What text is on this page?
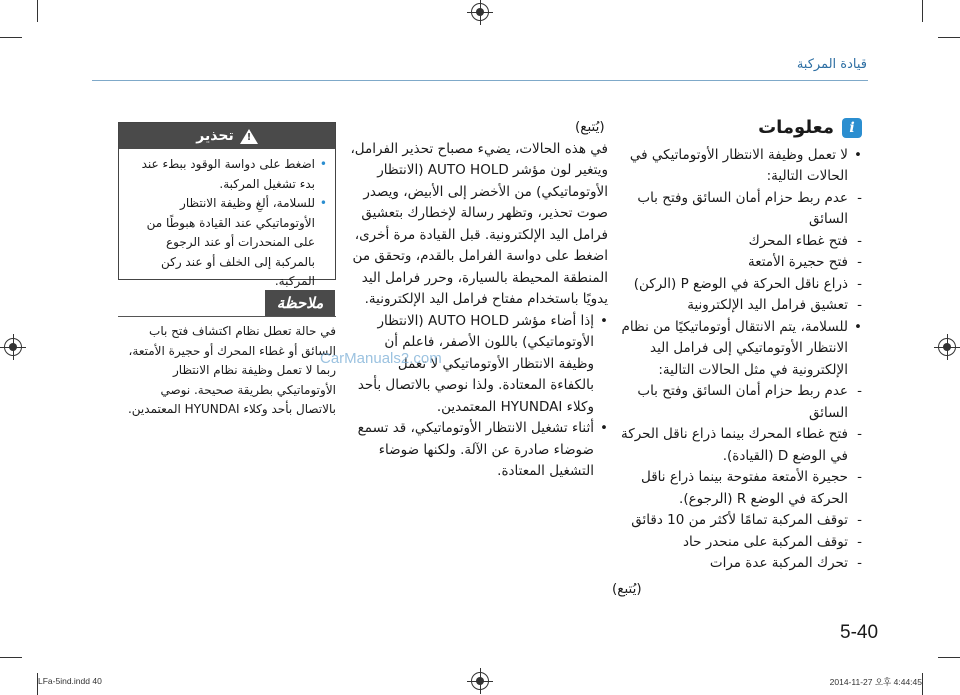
قيادة المركبة
i
معلومات
• لا تعمل وظيفة الانتظار الأوتوماتيكي في الحالات التالية:
- عدم ربط حزام أمان السائق وفتح باب السائق
- فتح غطاء المحرك
- فتح حجيرة الأمتعة
- ذراع ناقل الحركة في الوضع P (الركن)
- تعشيق فرامل اليد الإلكترونية
• للسلامة، يتم الانتقال أوتوماتيكيًا من نظام الانتظار الأوتوماتيكي إلى فرامل اليد الإلكترونية في مثل الحالات التالية:
- عدم ربط حزام أمان السائق وفتح باب السائق
- فتح غطاء المحرك بينما ذراع ناقل الحركة في الوضع D (القيادة).
- حجيرة الأمتعة مفتوحة بينما ذراع ناقل الحركة في الوضع R (الرجوع).
- توقف المركبة تمامًا لأكثر من 10 دقائق
- توقف المركبة على منحدر حاد
- تحرك المركبة عدة مرات
(يُتبع)
(يُتبع)
في هذه الحالات، يضيء مصباح تحذير الفرامل، ويتغير لون مؤشر AUTO HOLD (الانتظار الأوتوماتيكي) من الأخضر إلى الأبيض، ويصدر صوت تحذير، وتظهر رسالة لإخطارك بتعشيق فرامل اليد الإلكترونية. قبل القيادة مرة أخرى، اضغط على دواسة الفرامل بالقدم، وتحقق من المنطقة المحيطة بالسيارة، وحرر فرامل اليد يدويًا باستخدام مفتاح فرامل اليد الإلكترونية.
• إذا أضاء مؤشر AUTO HOLD (الانتظار الأوتوماتيكي) باللون الأصفر، فاعلم أن وظيفة الانتظار الأوتوماتيكي لا تعمل بالكفاءة المعتادة. ولذا نوصي بالاتصال بأحد وكلاء HYUNDAI المعتمدين.
• أثناء تشغيل الانتظار الأوتوماتيكي، قد تسمع ضوضاء صادرة عن الآلة. ولكنها ضوضاء التشغيل المعتادة.
تحذير !
• اضغط على دواسة الوقود ببطء عند بدء تشغيل المركبة.
• للسلامة، ألغِ وظيفة الانتظار الأوتوماتيكي عند القيادة هبوطًا من على المنحدرات أو عند الرجوع بالمركبة إلى الخلف أو عند ركن المركبة.
ملاحظة
في حالة تعطل نظام اكتشاف فتح باب السائق أو غطاء المحرك أو حجيرة الأمتعة، ربما لا تعمل وظيفة نظام الانتظار الأوتوماتيكي بطريقة صحيحة. نوصي بالاتصال بأحد وكلاء HYUNDAI المعتمدين.
CarManuals2.com
5-40
LFa-5ind.indd 40	2014-11-27 오후 4:44:45
